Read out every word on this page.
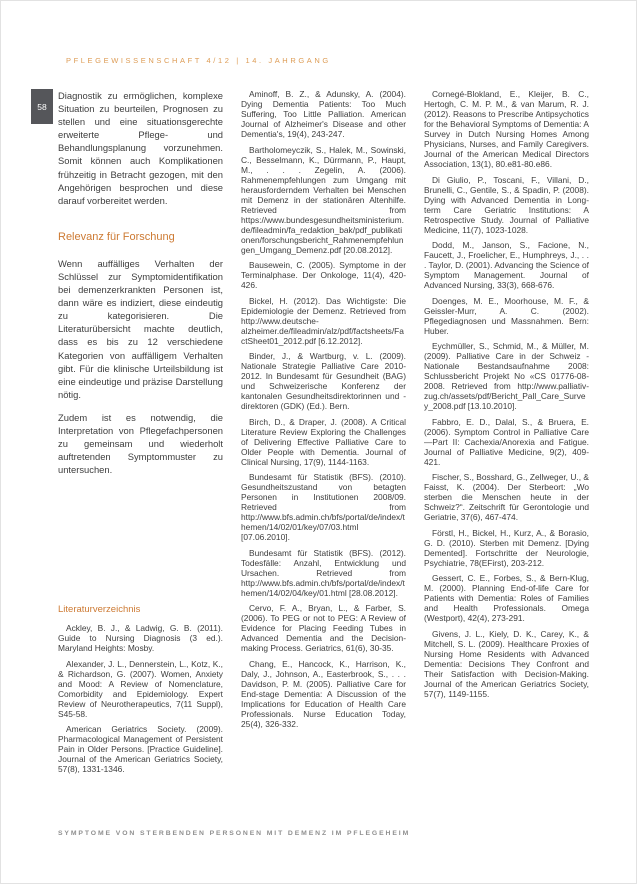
PFLEGEWISSENSCHAFT 4/12 | 14. JAHRGANG
58

Diagnostik zu ermöglichen, komplexe Situation zu beurteilen, Prognosen zu stellen und eine situationsgerechte erweiterte Pflege- und Behandlungsplanung vorzunehmen. Somit können auch Komplikationen frühzeitig in Betracht gezogen, mit den Angehörigen besprochen und diese darauf vorbereitet werden.

Relevanz für Forschung

Wenn auffälliges Verhalten der Schlüssel zur Symptomidentifikation bei demenzerkrankten Personen ist, dann wäre es indiziert, diese eindeutig zu kategorisieren. Die Literaturübersicht machte deutlich, dass es bis zu 12 verschiedene Kategorien von auffälligem Verhalten gibt. Für die klinische Urteilsbildung ist eine eindeutige und präzise Darstellung nötig.

Zudem ist es notwendig, die Interpretation von Pflegefachpersonen zu gemeinsam und wiederholt auftretenden Symptommuster zu untersuchen.

Literaturverzeichnis

Ackley, B. J., & Ladwig, G. B. (2011). Guide to Nursing Diagnosis (3 ed.). Maryland Heights: Mosby.

Alexander, J. L., Dennerstein, L., Kotz, K., & Richardson, G. (2007). Women, Anxiety and Mood: A Review of Nomenclature, Comorbidity and Epidemiology. Expert Review of Neurotherapeutics, 7(11 Suppl), S45-58.

American Geriatrics Society. (2009). Pharmacological Management of Persistent Pain in Older Persons. [Practice Guideline]. Journal of the American Geriatrics Society, 57(8), 1331-1346.

Aminoff, B. Z., & Adunsky, A. (2004). Dying Dementia Patients: Too Much Suffering, Too Little Palliation. American Journal of Alzheimer's Disease and other Dementia's, 19(4), 243-247.

Bartholomeyczik, S., Halek, M., Sowinski, C., Besselmann, K., Dürrmann, P., Haupt, M., . . . Zegelin, A. (2006). Rahmenempfehlungen zum Umgang mit herausforderndem Verhalten bei Menschen mit Demenz in der stationären Altenhilfe. Retrieved from https://www.bundesgesundheitsministerium.de/fileadmin/fa_redaktion_bak/pdf_publikationen/forschungsbericht_Rahmenempfehlungen_Umgang_Demenz.pdf [20.08.2012].

Bausewein, C. (2005). Symptome in der Terminalphase. Der Onkologe, 11(4), 420-426.

Bickel, H. (2012). Das Wichtigste: Die Epidemiologie der Demenz. Retrieved from http://www.deutsche-alzheimer.de/fileadmin/alz/pdf/factsheets/FactSheet01_2012.pdf [6.12.2012].

Binder, J., & Wartburg, v. L. (2009). Nationale Strategie Palliative Care 2010-2012. In Bundesamt für Gesundheit (BAG) und Schweizerische Konferenz der kantonalen Gesundheitsdirektorinnen und -direktoren (GDK) (Ed.). Bern.

Birch, D., & Draper, J. (2008). A Critical Literature Review Exploring the Challenges of Delivering Effective Palliative Care to Older People with Dementia. Journal of Clinical Nursing, 17(9), 1144-1163.

Bundesamt für Statistik (BFS). (2010). Gesundheitszustand von betagten Personen in Institutionen 2008/09. Retrieved from http://www.bfs.admin.ch/bfs/portal/de/index/themen/14/02/01/key/07/03.html [07.06.2010].

Bundesamt für Statistik (BFS). (2012). Todesfälle: Anzahl, Entwicklung und Ursachen. Retrieved from http://www.bfs.admin.ch/bfs/portal/de/index/themen/14/02/04/key/01.html [28.08.2012].

Cervo, F. A., Bryan, L., & Farber, S. (2006). To PEG or not to PEG: A Review of Evidence for Placing Feeding Tubes in Advanced Dementia and the Decision-making Process. Geriatrics, 61(6), 30-35.

Chang, E., Hancock, K., Harrison, K., Daly, J., Johnson, A., Easterbrook, S., . . . Davidson, P. M. (2005). Palliative Care for End-stage Dementia: A Discussion of the Implications for Education of Health Care Professionals. Nurse Education Today, 25(4), 326-332.

Cornegé-Blokland, E., Kleijer, B. C., Hertogh, C. M. P. M., & van Marum, R. J. (2012). Reasons to Prescribe Antipsychotics for the Behavioral Symptoms of Dementia: A Survey in Dutch Nursing Homes Among Physicians, Nurses, and Family Caregivers. Journal of the American Medical Directors Association, 13(1), 80.e81-80.e86.

Di Giulio, P., Toscani, F., Villani, D., Brunelli, C., Gentile, S., & Spadin, P. (2008). Dying with Advanced Dementia in Long-term Care Geriatric Institutions: A Retrospective Study. Journal of Palliative Medicine, 11(7), 1023-1028.

Dodd, M., Janson, S., Facione, N., Faucett, J., Froelicher, E., Humphreys, J., . . . Taylor, D. (2001). Advancing the Science of Symptom Management. Journal of Advanced Nursing, 33(3), 668-676.

Doenges, M. E., Moorhouse, M. F., & Geissler-Murr, A. C. (2002). Pflegediagnosen und Massnahmen. Bern: Huber.

Eychmüller, S., Schmid, M., & Müller, M. (2009). Palliative Care in der Schweiz - Nationale Bestandsaufnahme 2008: Schlussbericht Projekt No «CS 01776-08-2008. Retrieved from http://www.palliativ-zug.ch/assets/pdf/Bericht_Pall_Care_Survey_2008.pdf [13.10.2010].

Fabbro, E. D., Dalal, S., & Bruera, E. (2006). Symptom Control in Palliative Care—Part II: Cachexia/Anorexia and Fatigue. Journal of Palliative Medicine, 9(2), 409-421.

Fischer, S., Bosshard, G., Zellweger, U., & Faisst, K. (2004). Der Sterbeort: „Wo sterben die Menschen heute in der Schweiz?“. Zeitschrift für Gerontologie und Geriatrie, 37(6), 467-474.

Förstl, H., Bickel, H., Kurz, A., & Borasio, G. D. (2010). Sterben mit Demenz. [Dying Demented]. Fortschritte der Neurologie, Psychiatrie, 78(EFirst), 203-212.

Gessert, C. E., Forbes, S., & Bern-Klug, M. (2000). Planning End-of-life Care for Patients with Dementia: Roles of Families and Health Professionals. Omega (Westport), 42(4), 273-291.

Givens, J. L., Kiely, D. K., Carey, K., & Mitchell, S. L. (2009). Healthcare Proxies of Nursing Home Residents with Advanced Dementia: Decisions They Confront and Their Satisfaction with Decision-Making. Journal of the American Geriatrics Society, 57(7), 1149-1155.

SYMPTOME VON STERBENDEN PERSONEN MIT DEMENZ IM PFLEGEHEIM
